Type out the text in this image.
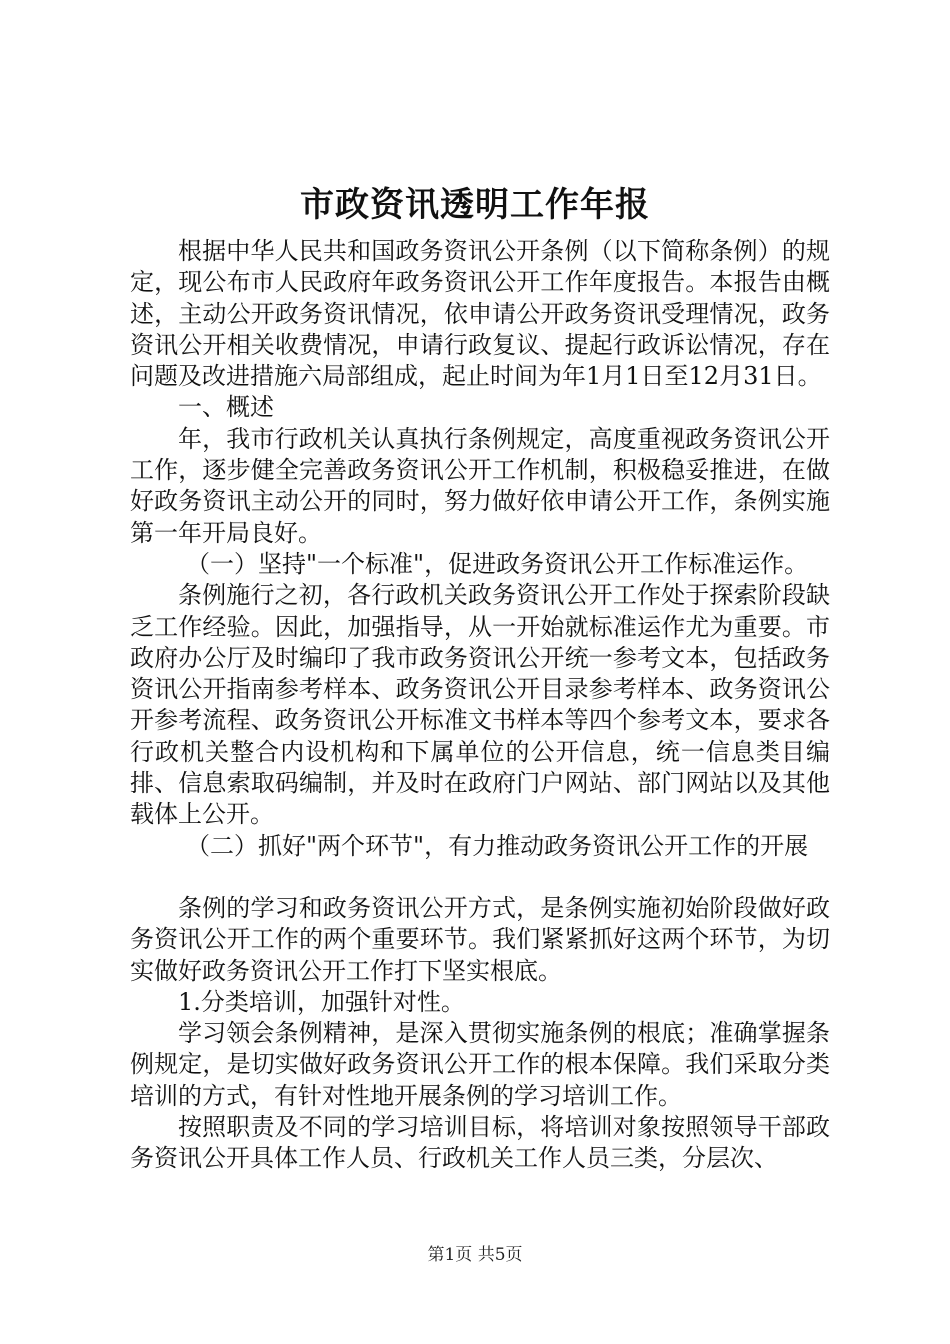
市政资讯透明工作年报

根据中华人民共和国政务资讯公开条例（以下简称条例）的规定，现公布市人民政府年政务资讯公开工作年度报告。本报告由概述，主动公开政务资讯情况，依申请公开政务资讯受理情况，政务资讯公开相关收费情况，申请行政复议、提起行政诉讼情况，存在问题及改进措施六局部组成，起止时间为年1月1日至12月31日。

一、概述

年，我市行政机关认真执行条例规定，高度重视政务资讯公开工作，逐步健全完善政务资讯公开工作机制，积极稳妥推进，在做好政务资讯主动公开的同时，努力做好依申请公开工作，条例实施第一年开局良好。

（一）坚持"一个标准"，促进政务资讯公开工作标准运作。

条例施行之初，各行政机关政务资讯公开工作处于探索阶段缺乏工作经验。因此，加强指导，从一开始就标准运作尤为重要。市政府办公厅及时编印了我市政务资讯公开统一参考文本，包括政务资讯公开指南参考样本、政务资讯公开目录参考样本、政务资讯公开参考流程、政务资讯公开标准文书样本等四个参考文本，要求各行政机关整合内设机构和下属单位的公开信息，统一信息类目编排、信息索取码编制，并及时在政府门户网站、部门网站以及其他载体上公开。

（二）抓好"两个环节"，有力推动政务资讯公开工作的开展

条例的学习和政务资讯公开方式，是条例实施初始阶段做好政务资讯公开工作的两个重要环节。我们紧紧抓好这两个环节，为切实做好政务资讯公开工作打下坚实根底。

1.分类培训，加强针对性。

学习领会条例精神，是深入贯彻实施条例的根底；准确掌握条例规定，是切实做好政务资讯公开工作的根本保障。我们采取分类培训的方式，有针对性地开展条例的学习培训工作。

按照职责及不同的学习培训目标，将培训对象按照领导干部政务资讯公开具体工作人员、行政机关工作人员三类，分层次、

第1页 共5页
